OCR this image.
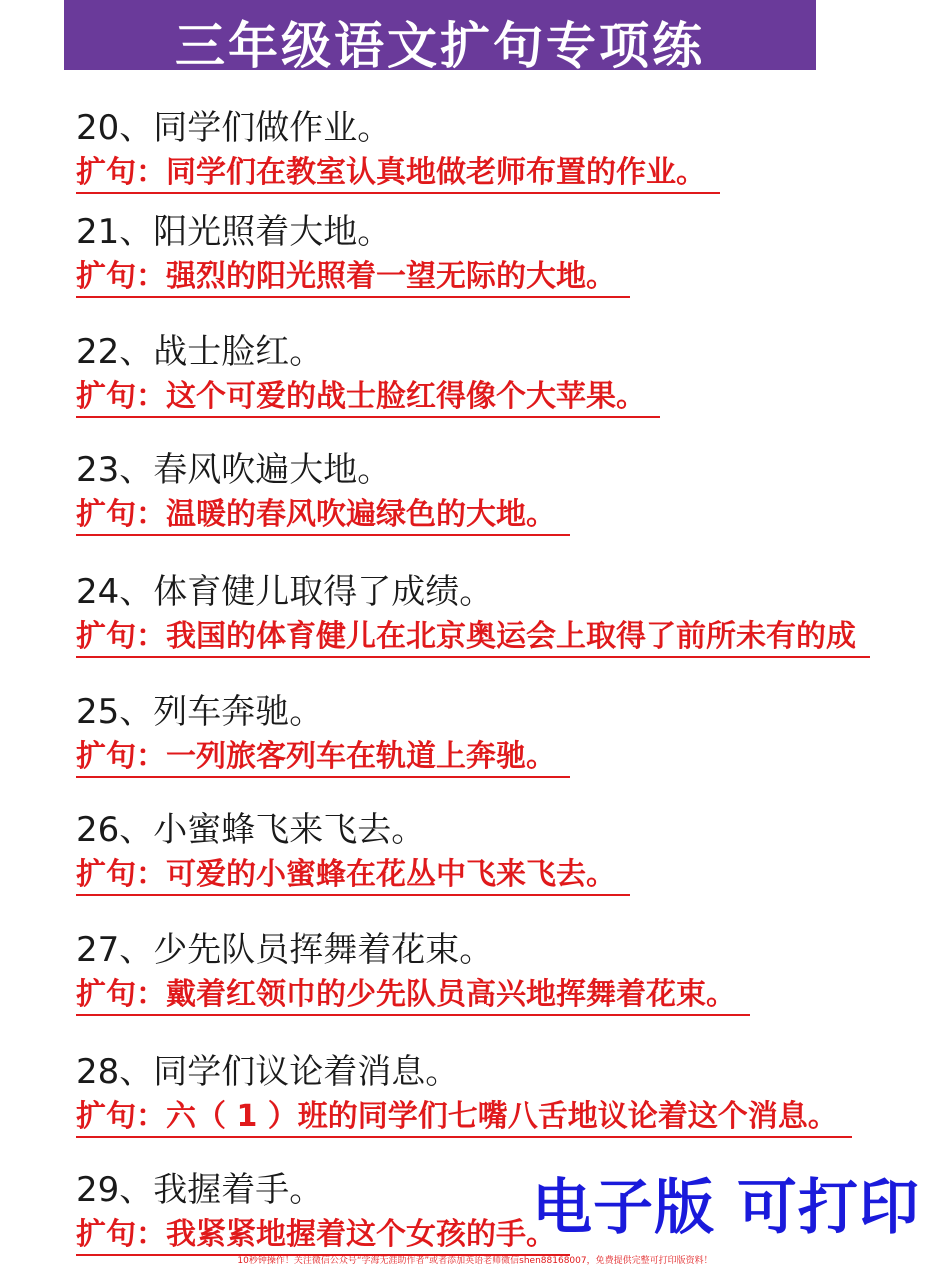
三年级语文扩句专项练
20、同学们做作业。
扩句：同学们在教室认真地做老师布置的作业。
21、阳光照着大地。
扩句：强烈的阳光照着一望无际的大地。
22、战士脸红。
扩句：这个可爱的战士脸红得像个大苹果。
23、春风吹遍大地。
扩句：温暖的春风吹遍绿色的大地。
24、体育健儿取得了成绩。
扩句：我国的体育健儿在北京奥运会上取得了前所未有的成
25、列车奔驰。
扩句：一列旅客列车在轨道上奔驰。
26、小蜜蜂飞来飞去。
扩句：可爱的小蜜蜂在花丛中飞来飞去。
27、少先队员挥舞着花束。
扩句：戴着红领巾的少先队员高兴地挥舞着花束。
28、同学们议论着消息。
扩句：六（ 1 ）班的同学们七嘴八舌地议论着这个消息。
29、我握着手。
扩句：我紧紧地握着这个女孩的手。
电子版 可打印
10秒钟操作！关注微信公众号“学海无涯助作者”或者添加英语老师微信shen88168007，免费提供完整可打印版资料！
